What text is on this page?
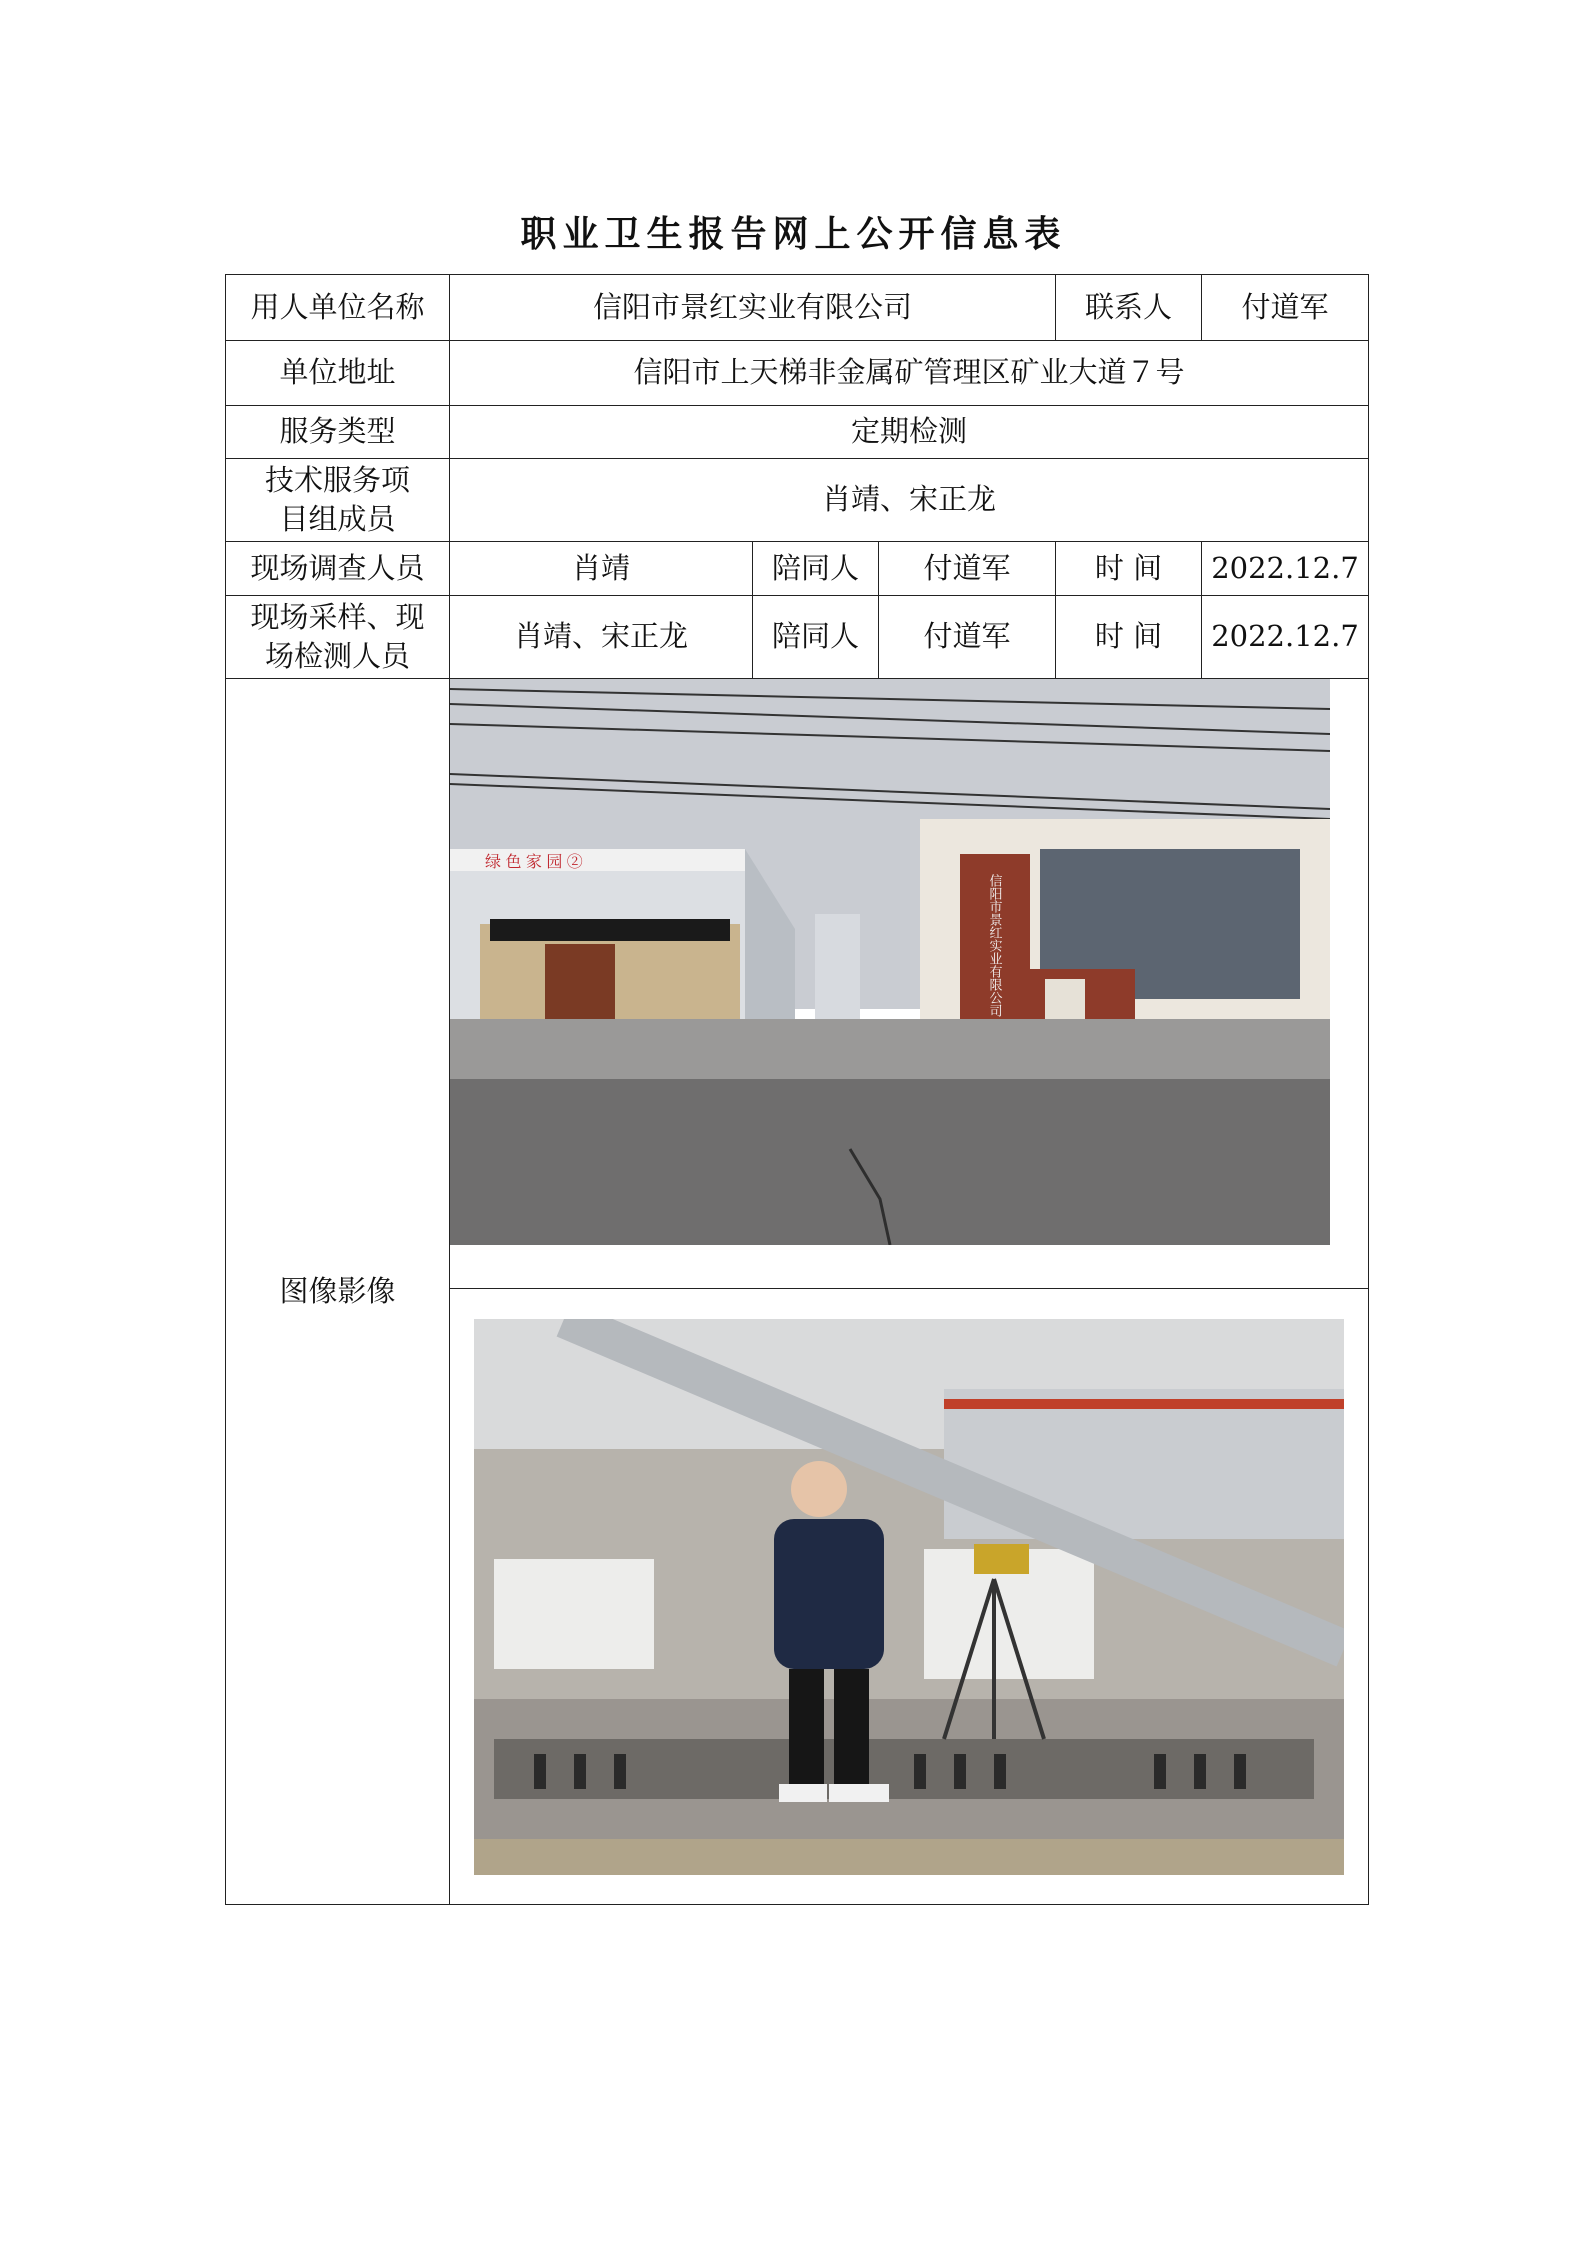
职业卫生报告网上公开信息表
用人单位名称	信阳市景红实业有限公司			联系人	付道军
单位地址	信阳市上天梯非金属矿管理区矿业大道７号				
服务类型	定期检测				

技术服务项目组成员	肖靖、宋正龙				
现场调查人员	肖靖	陪同人	付道军	时 间	2022.12.7

现场采样、现场检测人员	肖靖、宋正龙	陪同人	付道军	时 间	2022.12.7
图像影像	绿 色 家 园 ②
信阳市景红实业有限公司				
